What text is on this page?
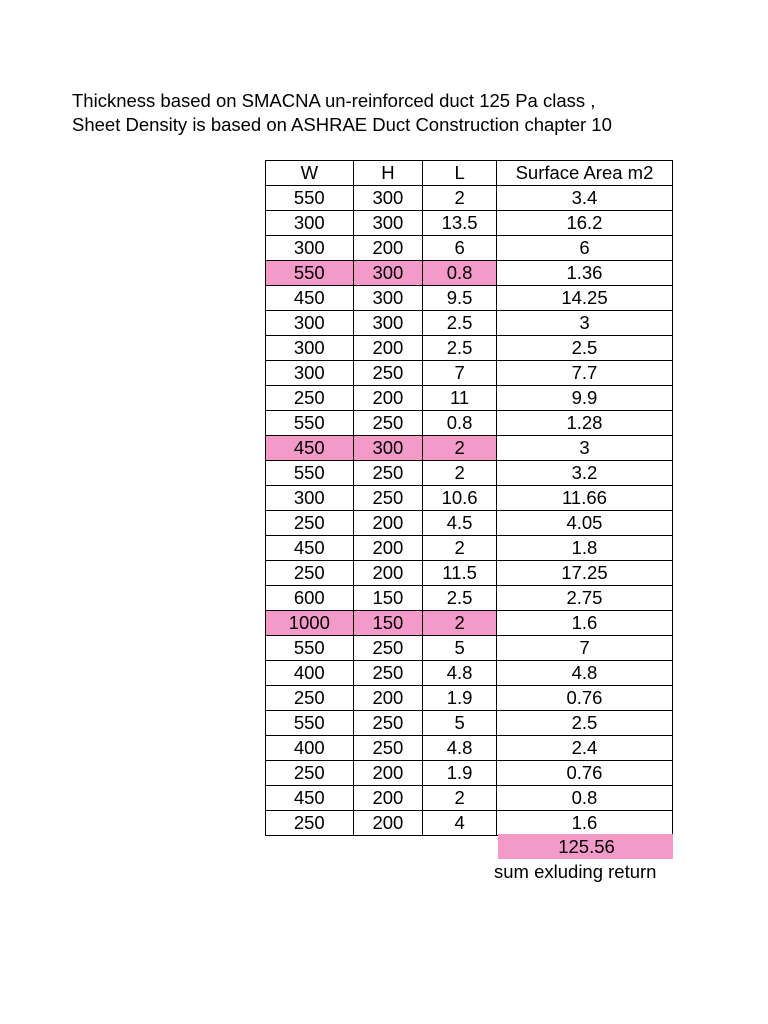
Thickness based on SMACNA un-reinforced duct 125 Pa class ,
Sheet Density is based on ASHRAE Duct Construction chapter 10
W	H	L	Surface Area m2
550	300	2	3.4
300	300	13.5	16.2
300	200	6	6
550	300	0.8	1.36
450	300	9.5	14.25
300	300	2.5	3
300	200	2.5	2.5
300	250	7	7.7
250	200	11	9.9
550	250	0.8	1.28
450	300	2	3
550	250	2	3.2
300	250	10.6	11.66
250	200	4.5	4.05
450	200	2	1.8
250	200	11.5	17.25
600	150	2.5	2.75
1000	150	2	1.6
550	250	5	7
400	250	4.8	4.8
250	200	1.9	0.76
550	250	5	2.5
400	250	4.8	2.4
250	200	1.9	0.76
450	200	2	0.8
250	200	4	1.6
125.56
sum exluding return
